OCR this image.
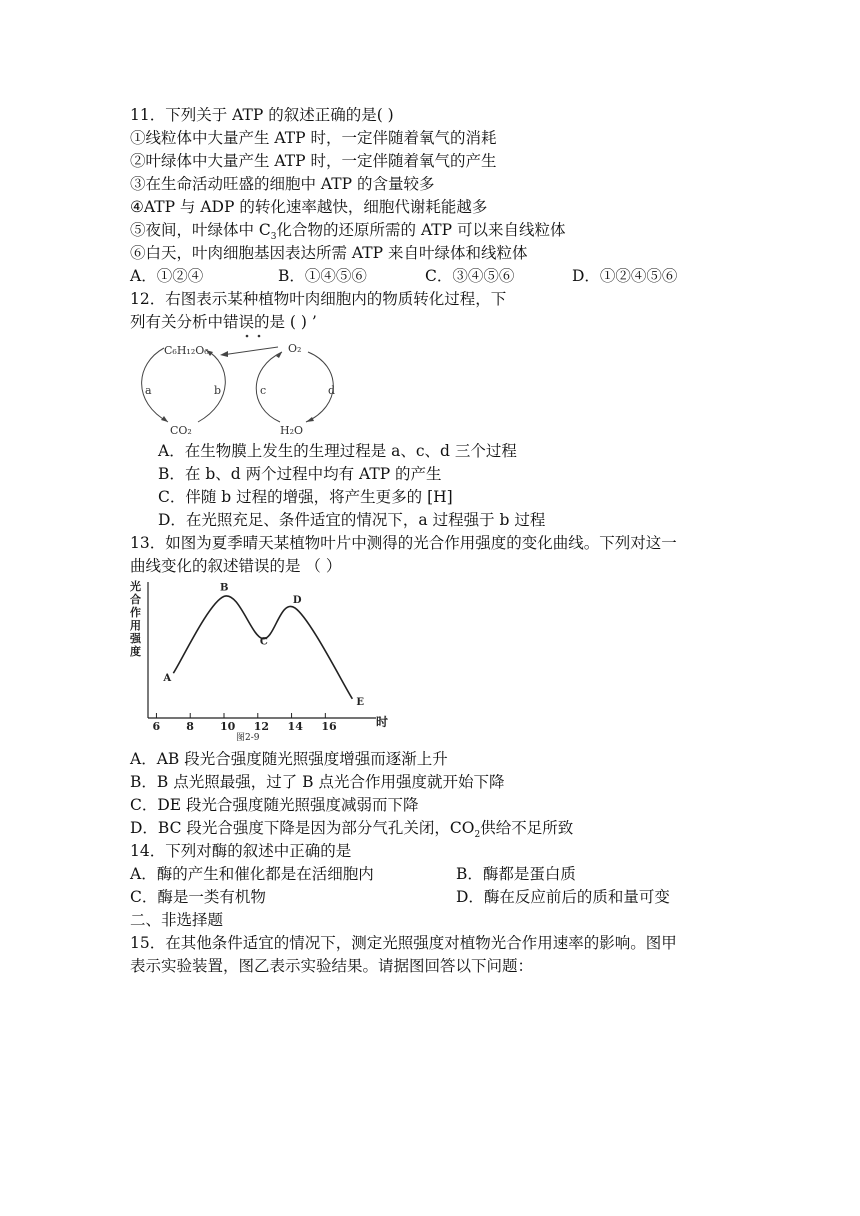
11．下列关于 ATP 的叙述正确的是( )
①线粒体中大量产生 ATP 时，一定伴随着氧气的消耗
②叶绿体中大量产生 ATP 时，一定伴随着氧气的产生
③在生命活动旺盛的细胞中 ATP 的含量较多
④ATP 与 ADP 的转化速率越快，细胞代谢耗能越多
⑤夜间，叶绿体中 $C_3$化合物的还原所需的 ATP 可以来自线粒体
⑥白天，叶肉细胞基因表达所需 ATP 来自叶绿体和线粒体
A．①②④	B．①④⑤⑥	C．③④⑤⑥	D．①②④⑤⑥
12．右图表示某种植物叶肉细胞内的物质转化过程，下
列有关分析中错误的是 ( ) ’
C₆H₁₂O₆	O₂
CO₂	H₂O
a	b	c	d
A．在生物膜上发生的生理过程是 a、c、d 三个过程
B．在 b、d 两个过程中均有 ATP 的产生
C．伴随 b 过程的增强，将产生更多的 [H]
D．在光照充足、条件适宜的情况下，a 过程强于 b 过程
13．如图为夏季晴天某植物叶片中测得的光合作用强度的变化曲线。下列对这一
曲线变化的叙述错误的是 （ ）
A
B
C
D
E
6 8 10 12 14 16
光合作用强度
时
图2-9
A．AB 段光合强度随光照强度增强而逐渐上升
B．B 点光照最强，过了 B 点光合作用强度就开始下降
C．DE 段光合强度随光照强度减弱而下降
D．BC 段光合强度下降是因为部分气孔关闭，$CO_2$供给不足所致
14．下列对酶的叙述中正确的是
A．酶的产生和催化都是在活细胞内	B．酶都是蛋白质
C．酶是一类有机物	D．酶在反应前后的质和量可变
二、非选择题
15．在其他条件适宜的情况下，测定光照强度对植物光合作用速率的影响。图甲
表示实验装置，图乙表示实验结果。请据图回答以下问题：
